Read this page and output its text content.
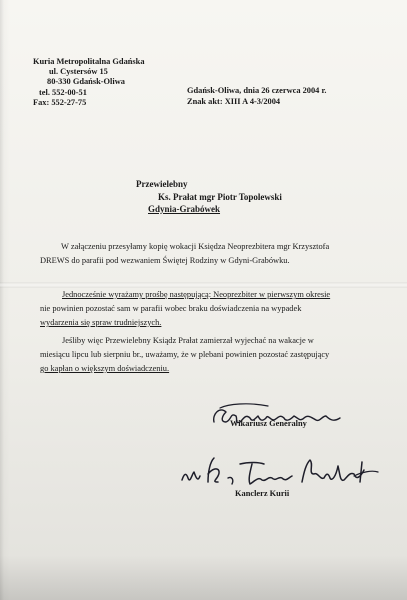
Kuria Metropolitalna Gdańska
ul. Cystersów 15
80-330 Gdańsk-Oliwa
tel. 552-00-51
Fax: 552-27-75
Gdańsk-Oliwa, dnia 26 czerwca 2004 r.
Znak akt: XIII A 4-3/2004
Przewielebny
Ks. Prałat mgr Piotr Topolewski
Gdynia-Grabówek
W załączeniu przesyłamy kopię wokacji Księdza Neoprezbitera mgr Krzysztofa
DREWS do parafii pod wezwaniem Świętej Rodziny w Gdyni-Grabówku.
Jednocześnie wyrażamy prośbę następującą: Neoprezbiter w pierwszym okresie
nie powinien pozostać sam w parafii wobec braku doświadczenia na wypadek
wydarzenia się spraw trudniejszych.
Jeśliby więc Przewielebny Ksiądz Prałat zamierzał wyjechać na wakacje w
miesiącu lipcu lub sierpniu br., uważamy, że w plebani powinien pozostać zastępujący
go kapłan o większym doświadczeniu.
Wikariusz Generalny
Kanclerz Kurii
